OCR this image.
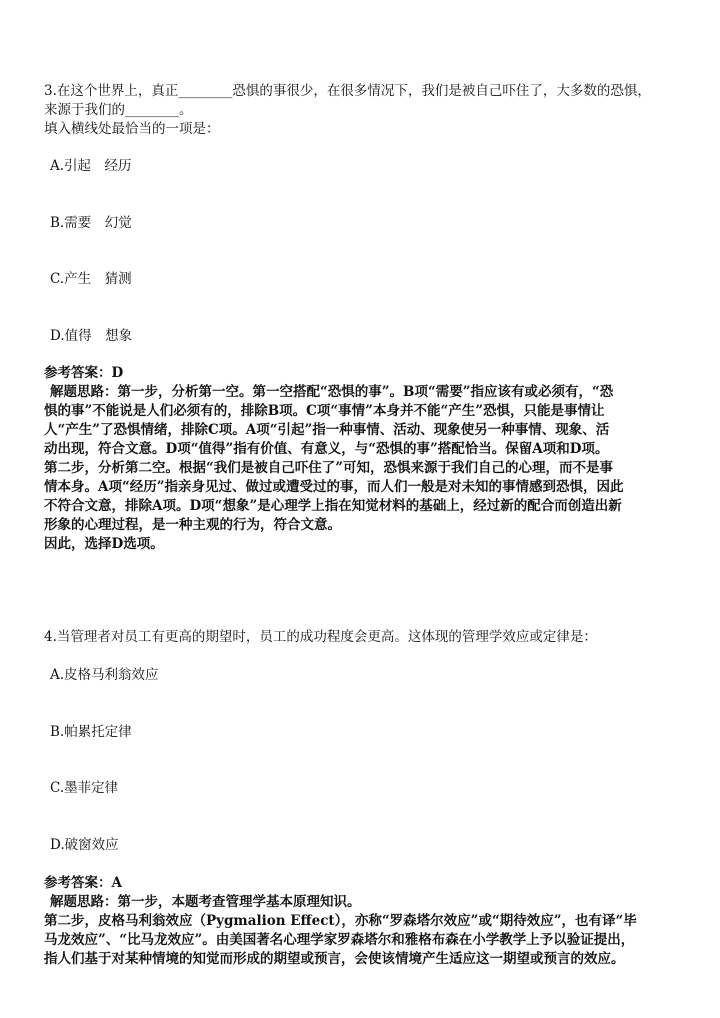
3.在这个世界上，真正________恐惧的事很少，在很多情况下，我们是被自己吓住了，大多数的恐惧，

来源于我们的________。

填入横线处最恰当的一项是：

A.引起　经历

B.需要　幻觉

C.产生　猜测

D.值得　想象

参考答案：D

解题思路：第一步，分析第一空。第一空搭配“恐惧的事”。B项“需要”指应该有或必须有，“恐

惧的事”不能说是人们必须有的，排除B项。C项“事情”本身并不能“产生”恐惧，只能是事情让

人“产生”了恐惧情绪，排除C项。A项“引起”指一种事情、活动、现象使另一种事情、现象、活

动出现，符合文意。D项“值得”指有价值、有意义，与“恐惧的事”搭配恰当。保留A项和D项。

第二步，分析第二空。根据“我们是被自己吓住了”可知，恐惧来源于我们自己的心理，而不是事

情本身。A项“经历”指亲身见过、做过或遭受过的事，而人们一般是对未知的事情感到恐惧，因此

不符合文意，排除A项。D项“想象”是心理学上指在知觉材料的基础上，经过新的配合而创造出新

形象的心理过程，是一种主观的行为，符合文意。

因此，选择D选项。

4.当管理者对员工有更高的期望时，员工的成功程度会更高。这体现的管理学效应或定律是：

A.皮格马利翁效应

B.帕累托定律

C.墨菲定律

D.破窗效应

参考答案：A

解题思路：第一步，本题考查管理学基本原理知识。

第二步，皮格马利翁效应（Pygmalion Effect），亦称“罗森塔尔效应”或“期待效应”，也有译“毕

马龙效应”、“比马龙效应”。由美国著名心理学家罗森塔尔和雅格布森在小学教学上予以验证提出，

指人们基于对某种情境的知觉而形成的期望或预言，会使该情境产生适应这一期望或预言的效应。
